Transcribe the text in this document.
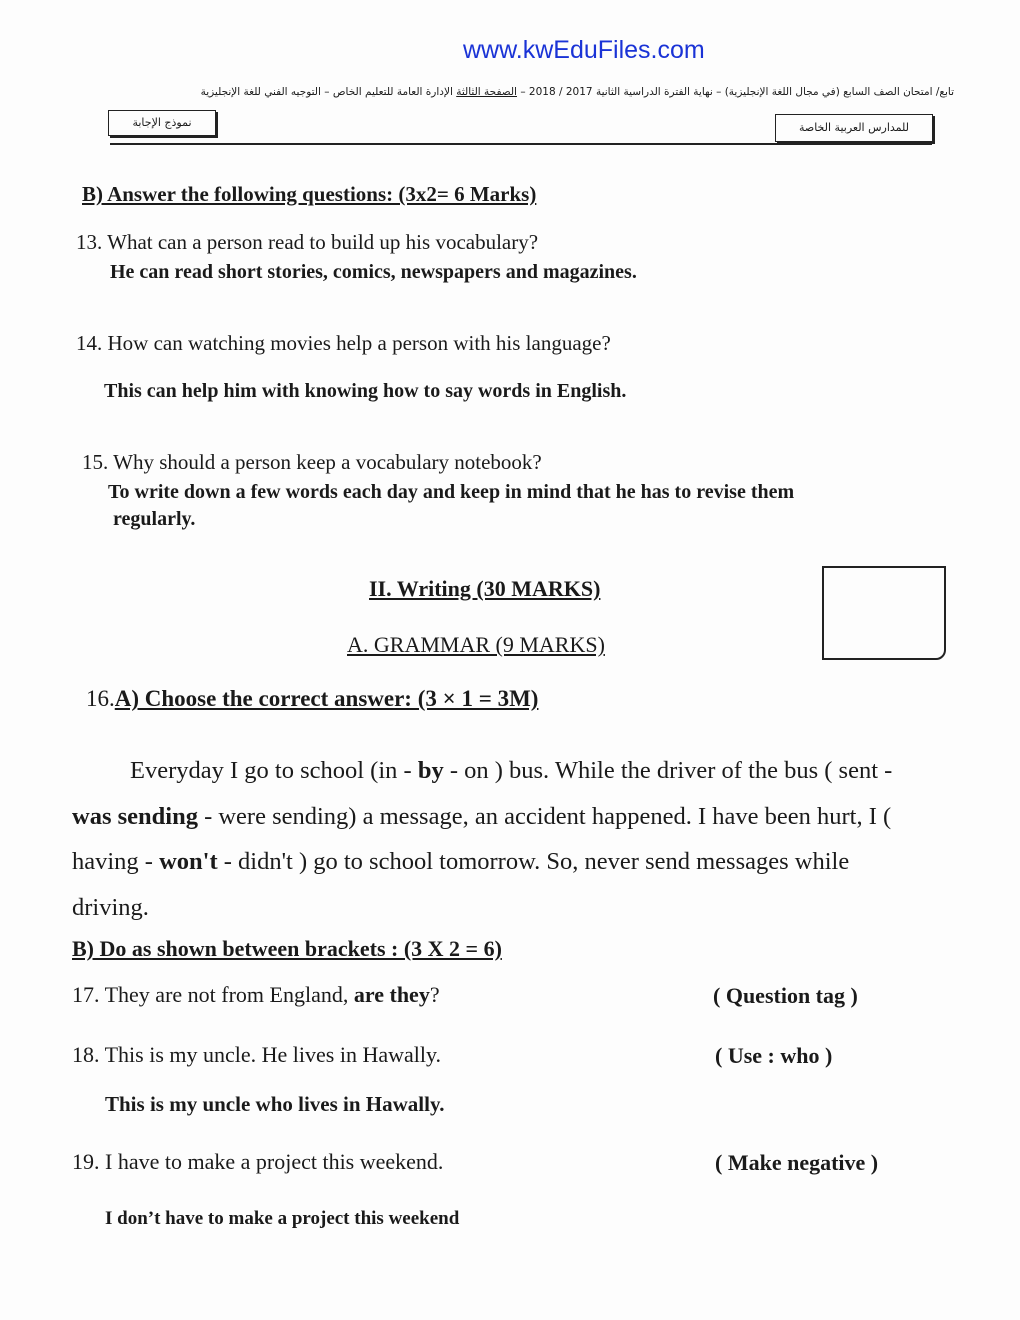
www.kwEduFiles.com
تابع/ امتحان الصف السابع (في مجال اللغة الإنجليزية) – نهاية الفترة الدراسية الثانية 2017 / 2018 – الصفحة الثالثة الإدارة العامة للتعليم الخاص – التوجيه الفني للغة الإنجليزية
نموذج الإجابة	للمدارس العربية الخاصة
B) Answer the following questions: (3x2= 6 Marks)
13. What can a person read to build up his vocabulary?
He can read short stories, comics, newspapers and magazines.
14. How can watching movies help a person with his language?
This can help him with knowing how to say words in English.
15. Why should a person keep a vocabulary notebook?
To write down a few words each day and keep in mind that he has to revise them
regularly.
II. Writing (30 MARKS)
A. GRAMMAR (9 MARKS)
16.A) Choose the correct answer: (3 × 1 = 3M)
Everyday I go to school (in - by - on ) bus. While the driver of the bus ( sent - was sending - were sending) a message, an accident happened. I have been hurt, I ( having - won't - didn't ) go to school tomorrow. So, never send messages while driving.
B) Do as shown between brackets : (3 X 2 = 6)
17. They are not from England, are they?	( Question tag )
18. This is my uncle. He lives in Hawally.	( Use : who )
This is my uncle who lives in Hawally.
19. I have to make a project this weekend.	( Make negative )
I don’t have to make a project this weekend
